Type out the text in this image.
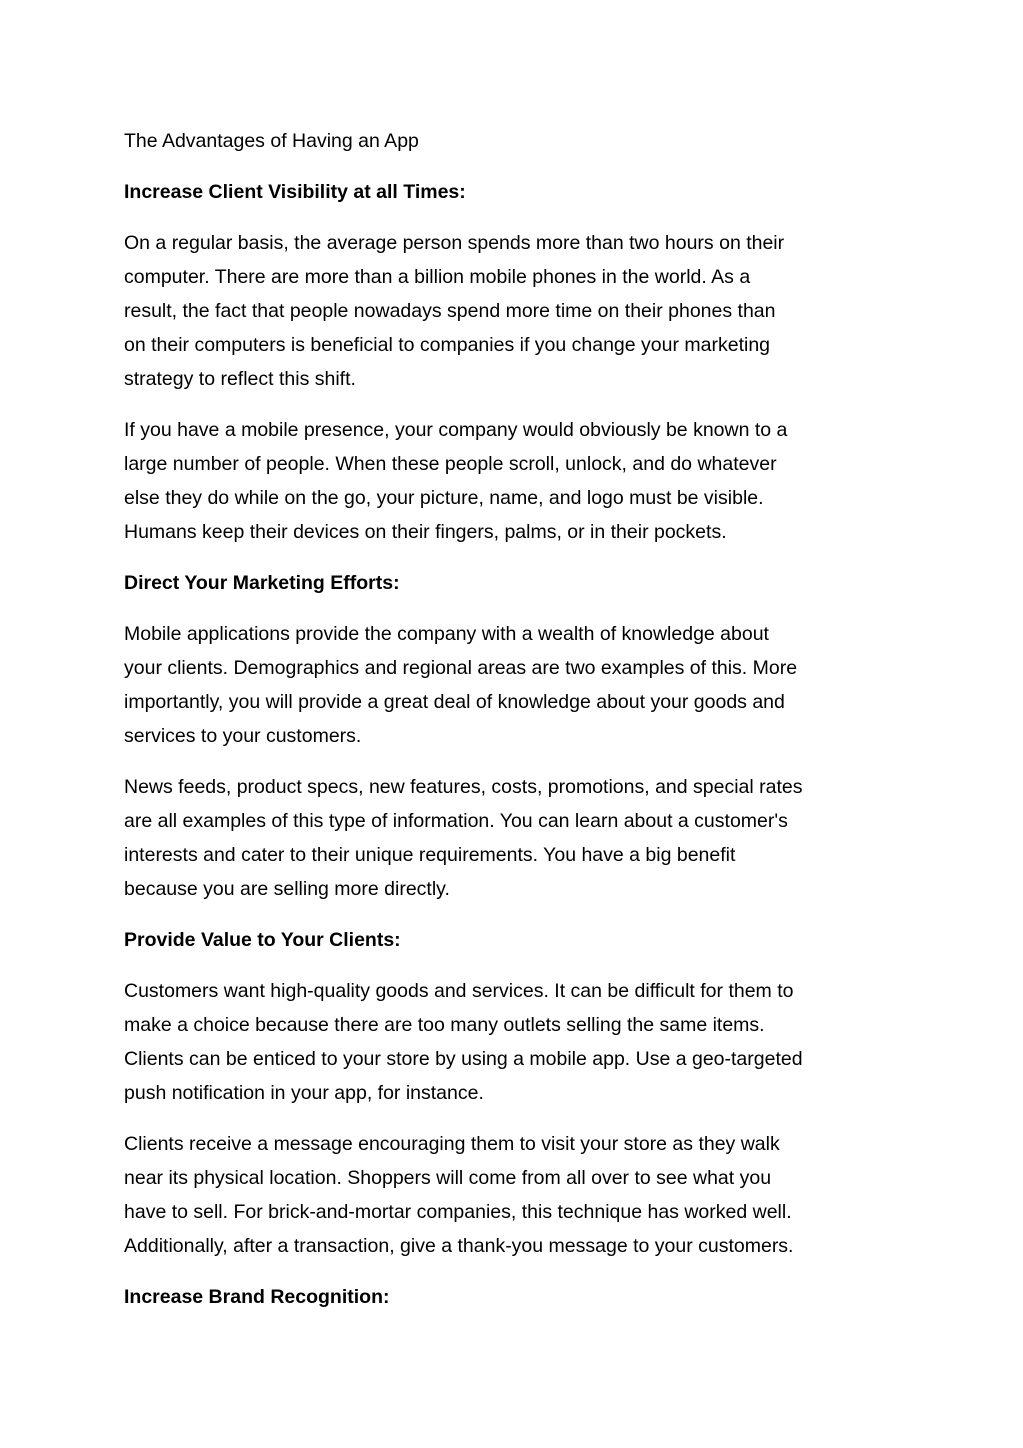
The Advantages of Having an App
Increase Client Visibility at all Times:
On a regular basis, the average person spends more than two hours on their
computer. There are more than a billion mobile phones in the world. As a
result, the fact that people nowadays spend more time on their phones than
on their computers is beneficial to companies if you change your marketing
strategy to reflect this shift.
If you have a mobile presence, your company would obviously be known to a
large number of people. When these people scroll, unlock, and do whatever
else they do while on the go, your picture, name, and logo must be visible.
Humans keep their devices on their fingers, palms, or in their pockets.
Direct Your Marketing Efforts:
Mobile applications provide the company with a wealth of knowledge about
your clients. Demographics and regional areas are two examples of this. More
importantly, you will provide a great deal of knowledge about your goods and
services to your customers.
News feeds, product specs, new features, costs, promotions, and special rates
are all examples of this type of information. You can learn about a customer's
interests and cater to their unique requirements. You have a big benefit
because you are selling more directly.
Provide Value to Your Clients:
Customers want high-quality goods and services. It can be difficult for them to
make a choice because there are too many outlets selling the same items.
Clients can be enticed to your store by using a mobile app. Use a geo-targeted
push notification in your app, for instance.
Clients receive a message encouraging them to visit your store as they walk
near its physical location. Shoppers will come from all over to see what you
have to sell. For brick-and-mortar companies, this technique has worked well.
Additionally, after a transaction, give a thank-you message to your customers.
Increase Brand Recognition:
